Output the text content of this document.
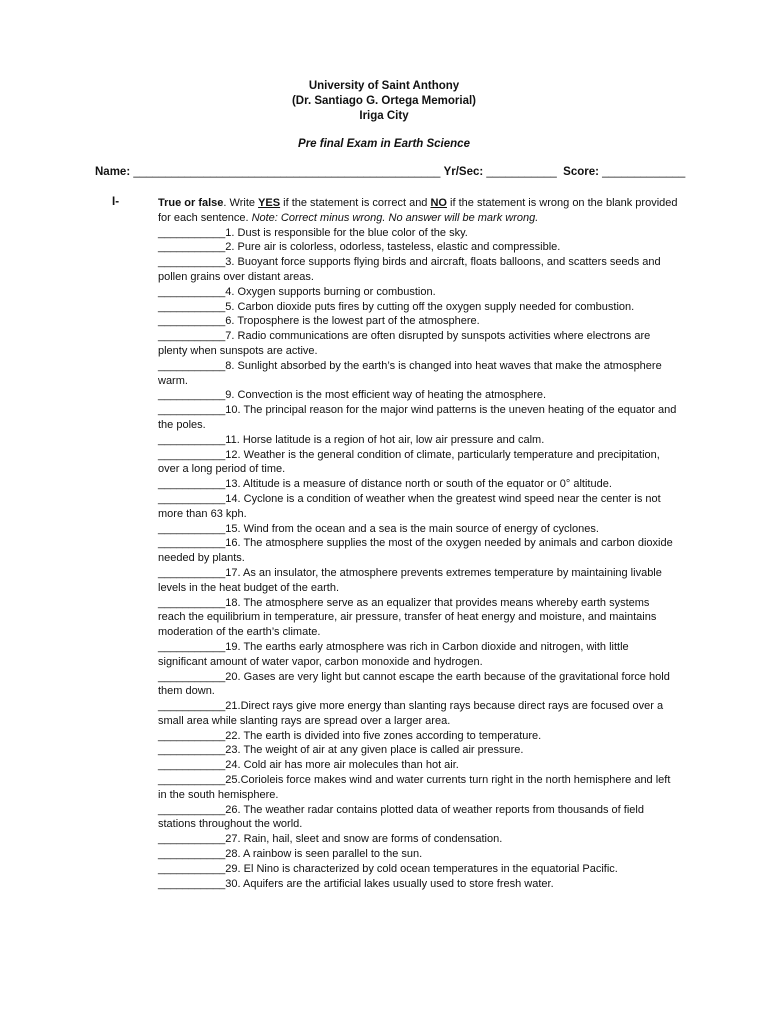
University of Saint Anthony
(Dr. Santiago G. Ortega Memorial)
Iriga City
Pre final Exam in Earth Science
Name: ________________________________________________ Yr/Sec: ___________ Score: _____________
I-	True or false. Write YES if the statement is correct and NO if the statement is wrong on the blank provided for each sentence. Note: Correct minus wrong. No answer will be mark wrong.

___________1. Dust is responsible for the blue color of the sky.

___________2. Pure air is colorless, odorless, tasteless, elastic and compressible.

___________3. Buoyant force supports flying birds and aircraft, floats balloons, and scatters seeds and pollen grains over distant areas.

___________4. Oxygen supports burning or combustion.

___________5. Carbon dioxide puts fires by cutting off the oxygen supply needed for combustion.

___________6. Troposphere is the lowest part of the atmosphere.

___________7. Radio communications are often disrupted by sunspots activities where electrons are plenty when sunspots are active.

___________8. Sunlight absorbed by the earth’s is changed into heat waves that make the atmosphere warm.

___________9. Convection is the most efficient way of heating the atmosphere.

___________10. The principal reason for the major wind patterns is the uneven heating of the equator and the poles.

___________11. Horse latitude is a region of hot air, low air pressure and calm.

___________12. Weather is the general condition of climate, particularly temperature and precipitation, over a long period of time.

___________13. Altitude is a measure of distance north or south of the equator or 0° altitude.

___________14. Cyclone is a condition of weather when the greatest wind speed near the center is not more than 63 kph.

___________15. Wind from the ocean and a sea is the main source of energy of cyclones.

___________16. The atmosphere supplies the most of the oxygen needed by animals and carbon dioxide needed by plants.

___________17. As an insulator, the atmosphere prevents extremes temperature by maintaining livable levels in the heat budget of the earth.

___________18. The atmosphere serve as an equalizer that provides means whereby earth systems reach the equilibrium in temperature, air pressure, transfer of heat energy and moisture, and maintains moderation of the earth’s climate.

___________19. The earths early atmosphere was rich in Carbon dioxide and nitrogen, with little significant amount of water vapor, carbon monoxide and hydrogen.

___________20. Gases are very light but cannot escape the earth because of the gravitational force hold them down.

___________21.Direct rays give more energy than slanting rays because direct rays are focused over a small area while slanting rays are spread over a larger area.

___________22. The earth is divided into five zones according to temperature.

___________23. The weight of air at any given place is called air pressure.

___________24. Cold air has more air molecules than hot air.

___________25.Corioleis force makes wind and water currents turn right in the north hemisphere and left in the south hemisphere.

___________26. The weather radar contains plotted data of weather reports from thousands of field stations throughout the world.

___________27. Rain, hail, sleet and snow are forms of condensation.

___________28. A rainbow is seen parallel to the sun.

___________29. El Nino is characterized by cold ocean temperatures in the equatorial Pacific.

___________30. Aquifers are the artificial lakes usually used to store fresh water.
